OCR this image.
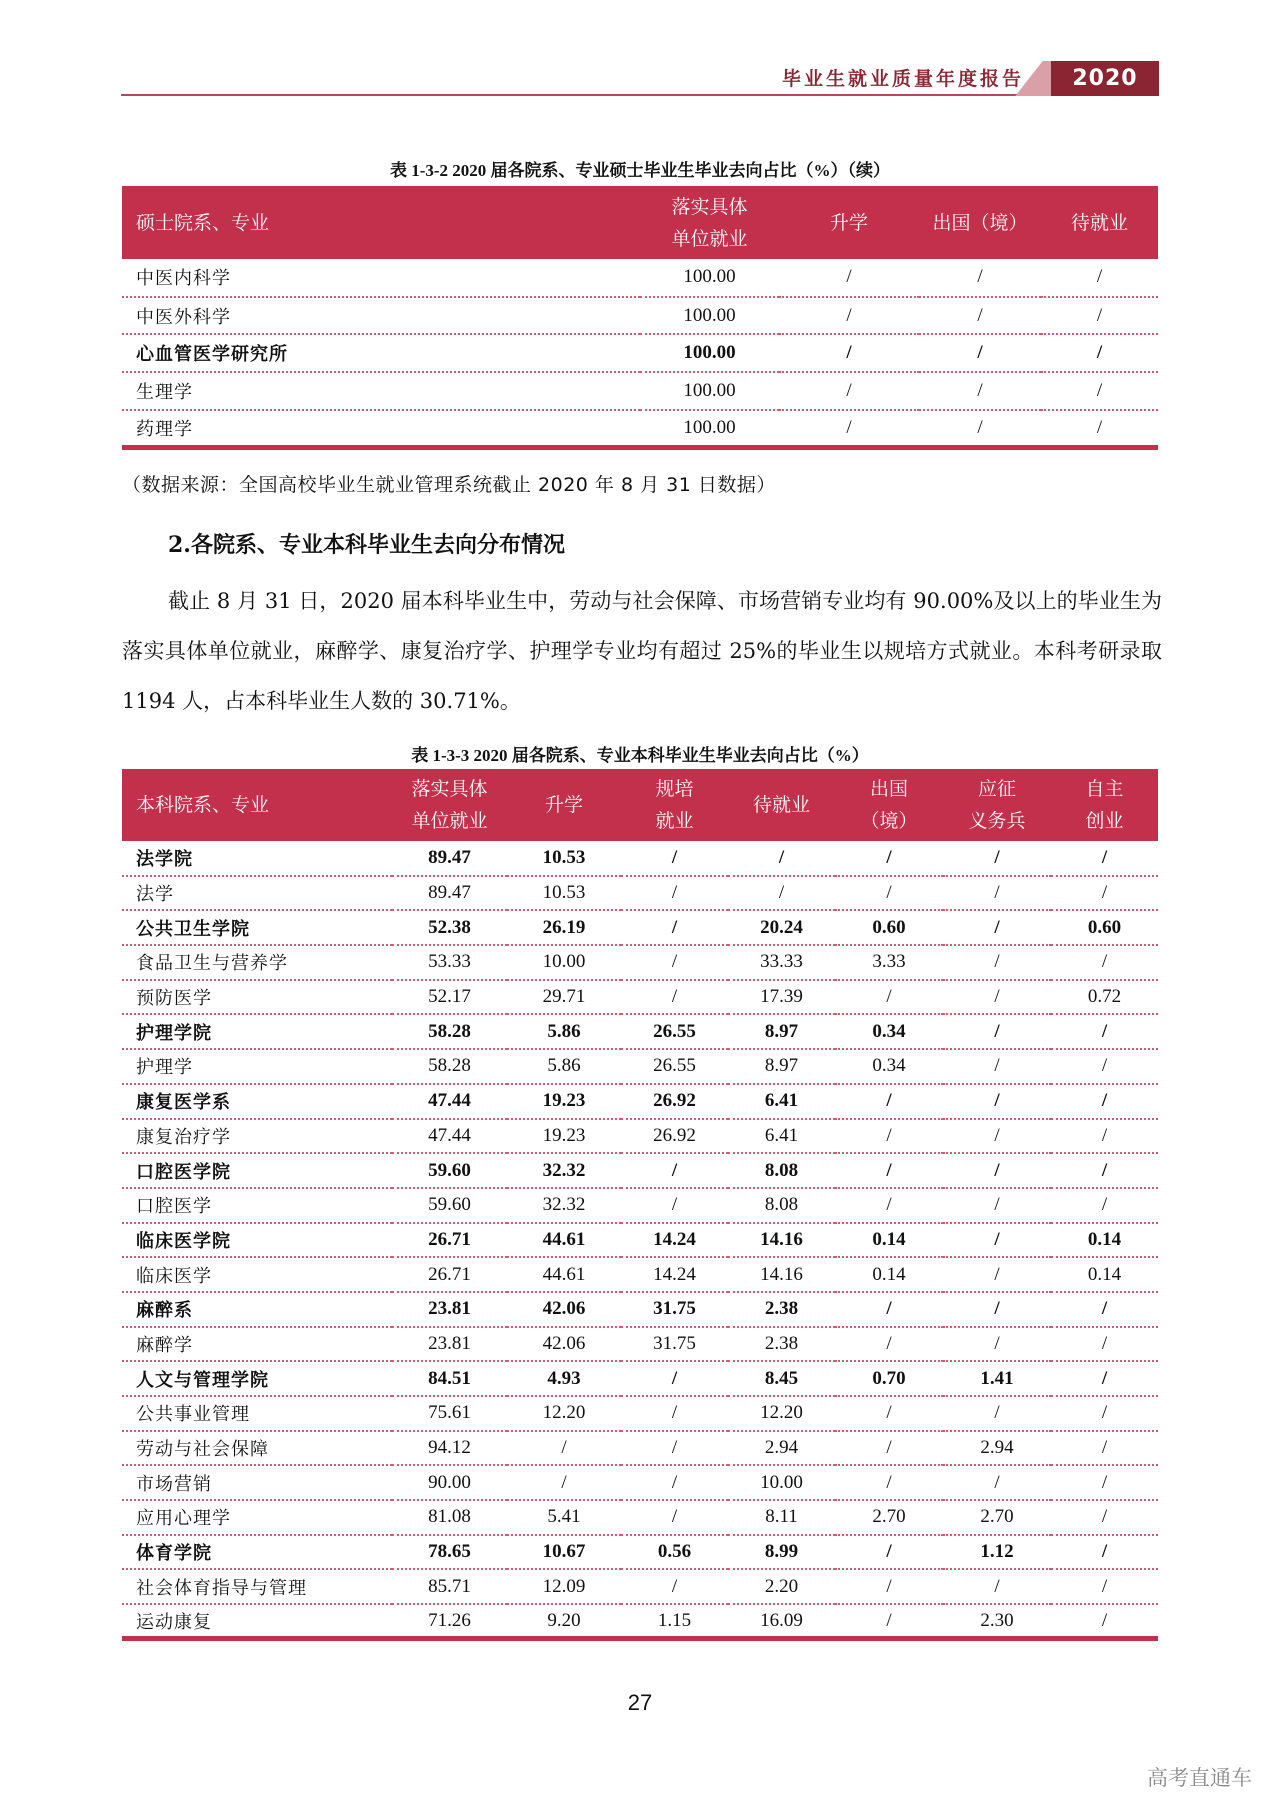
毕业生就业质量年度报告	2020
表 1-3-2 2020 届各院系、专业硕士毕业生毕业去向占比（%）（续）
硕士院系、专业	落实具体
单位就业	升学	出国（境）	待就业

中医内科学	100.00	/	/	/
中医外科学	100.00	/	/	/
心血管医学研究所	100.00	/	/	/
生理学	100.00	/	/	/
药理学	100.00	/	/	/
（数据来源：全国高校毕业生就业管理系统截止 2020 年 8 月 31 日数据）
2.各院系、专业本科毕业生去向分布情况
截止 8 月 31 日，2020 届本科毕业生中，劳动与社会保障、市场营销专业均有 90.00%及以上的毕业生为落实具体单位就业，麻醉学、康复治疗学、护理学专业均有超过 25%的毕业生以规培方式就业。本科考研录取 1194 人，占本科毕业生人数的 30.71%。
表 1-3-3 2020 届各院系、专业本科毕业生毕业去向占比（%）
本科院系、专业

落实具体
单位就业

升学

规培
就业

待就业

出国
（境）

应征
义务兵

自主
创业

法学院	89.47	10.53	/	/	/	/	/
法学	89.47	10.53	/	/	/	/	/
公共卫生学院	52.38	26.19	/	20.24	0.60	/	0.60
食品卫生与营养学	53.33	10.00	/	33.33	3.33	/	/
预防医学	52.17	29.71	/	17.39	/	/	0.72
护理学院	58.28	5.86	26.55	8.97	0.34	/	/
护理学	58.28	5.86	26.55	8.97	0.34	/	/
康复医学系	47.44	19.23	26.92	6.41	/	/	/
康复治疗学	47.44	19.23	26.92	6.41	/	/	/
口腔医学院	59.60	32.32	/	8.08	/	/	/
口腔医学	59.60	32.32	/	8.08	/	/	/
临床医学院	26.71	44.61	14.24	14.16	0.14	/	0.14
临床医学	26.71	44.61	14.24	14.16	0.14	/	0.14
麻醉系	23.81	42.06	31.75	2.38	/	/	/
麻醉学	23.81	42.06	31.75	2.38	/	/	/
人文与管理学院	84.51	4.93	/	8.45	0.70	1.41	/
公共事业管理	75.61	12.20	/	12.20	/	/	/
劳动与社会保障	94.12	/	/	2.94	/	2.94	/
市场营销	90.00	/	/	10.00	/	/	/
应用心理学	81.08	5.41	/	8.11	2.70	2.70	/
体育学院	78.65	10.67	0.56	8.99	/	1.12	/
社会体育指导与管理	85.71	12.09	/	2.20	/	/	/
运动康复	71.26	9.20	1.15	16.09	/	2.30	/
27
高考直通车
